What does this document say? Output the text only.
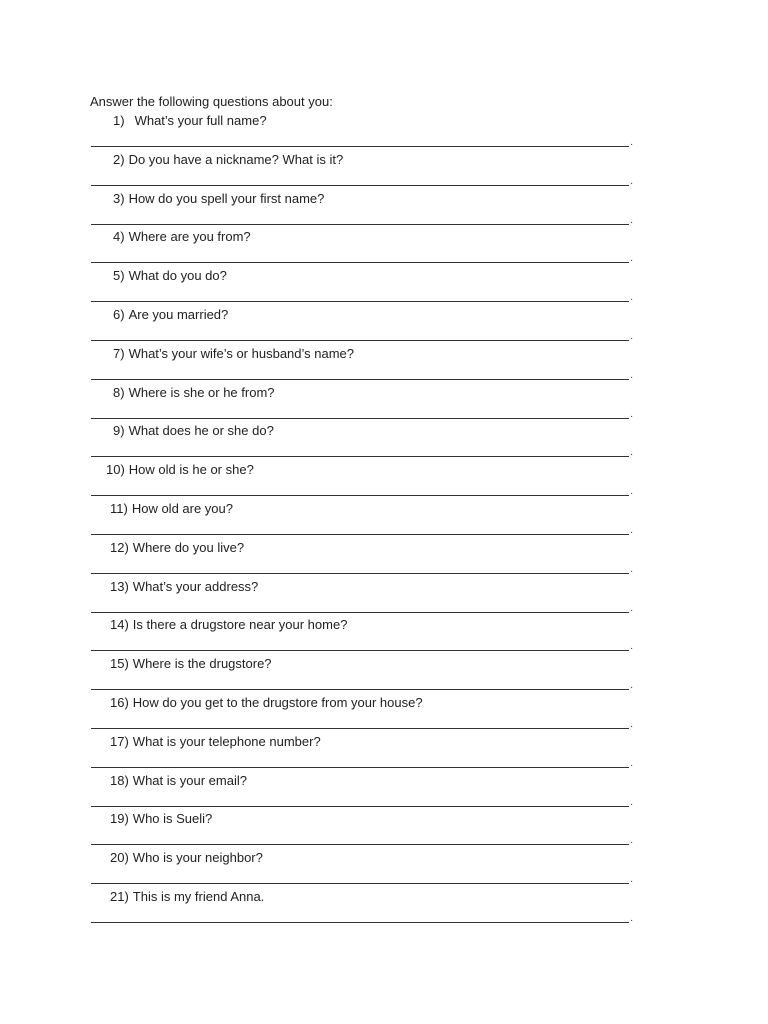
Answer the following questions about you:
1) What’s your full name?
.
2) Do you have a nickname? What is it?
.
3) How do you spell your first name?
.
4) Where are you from?
.
5) What do you do?
.
6) Are you married?
.
7) What’s your wife’s or husband’s name?
.
8) Where is she or he from?
.
9) What does he or she do?
.
10) How old is he or she?
.
11) How old are you?
.
12) Where do you live?
.
13) What’s your address?
.
14) Is there a drugstore near your home?
.
15) Where is the drugstore?
.
16) How do you get to the drugstore from your house?
.
17) What is your telephone number?
.
18) What is your email?
.
19) Who is Sueli?
.
20) Who is your neighbor?
.
21) This is my friend Anna.
.
